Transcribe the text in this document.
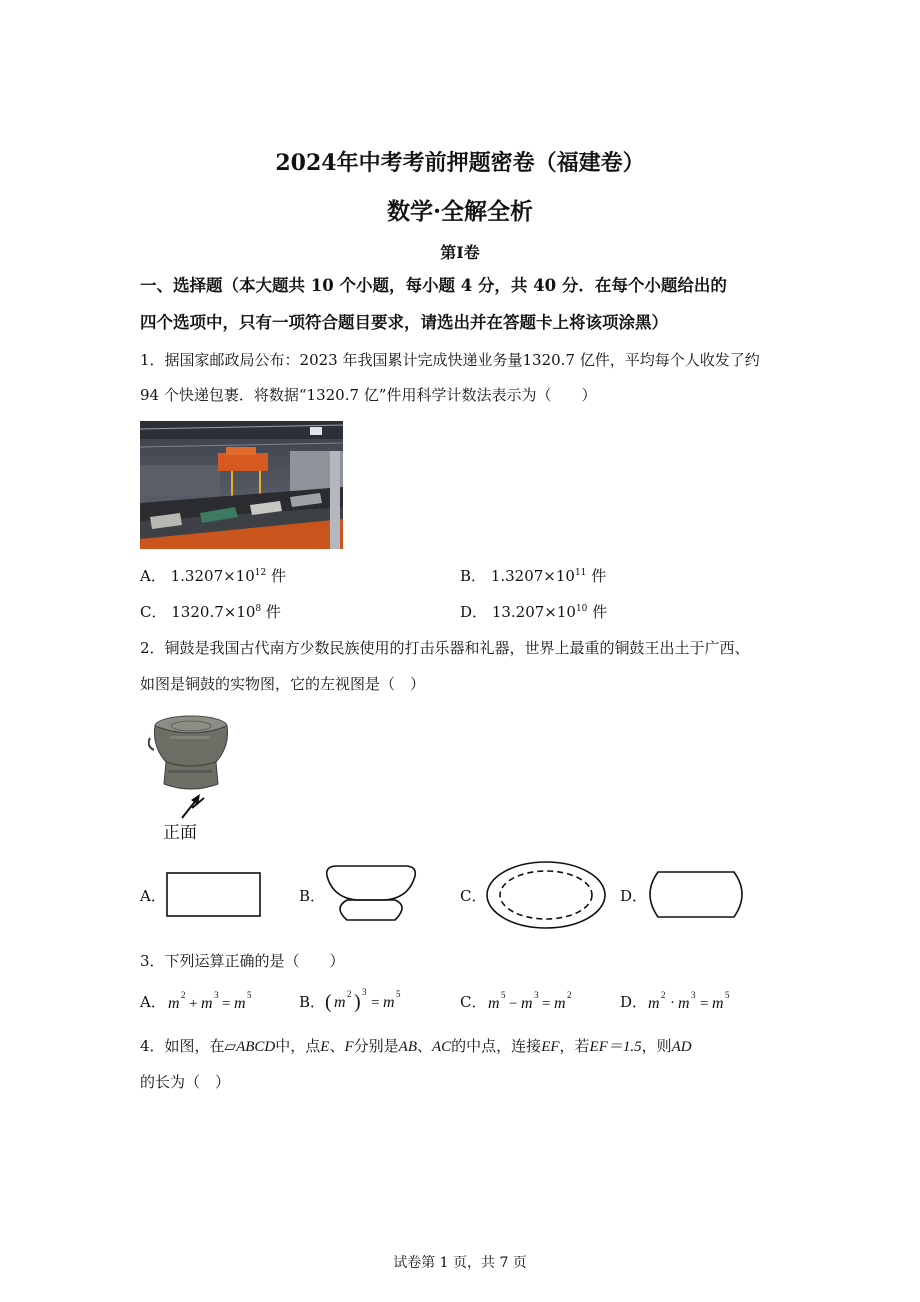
2024年中考考前押题密卷（福建卷）
数学·全解全析
第I卷
一、选择题（本大题共 10 个小题，每小题 4 分，共 40 分．在每个小题给出的
四个选项中，只有一项符合题目要求，请选出并在答题卡上将该项涂黑）
1．据国家邮政局公布：2023 年我国累计完成快递业务量1320.7 亿件，平均每个人收发了约
94 个快递包裹．将数据“1320.7 亿”件用科学计数法表示为（　　）
A． $1.3207\times 10^{12}$ 件	B． $1.3207\times 10^{11}$ 件
C． $1320.7\times 10^8$ 件	D． $13.207\times 10^{10}$ 件
2．铜鼓是我国古代南方少数民族使用的打击乐器和礼器，世界上最重的铜鼓王出土于广西、
如图是铜鼓的实物图，它的左视图是（　）
正面
A．	B．	C．	D．
3．下列运算正确的是（　　）
A． m 2
+ m 3
= m 5	B． ( m 2 ) 3
= m 5	C． m 5
− m 3
= m 2	D． m 2 · m 3
= m 5
4．如图，在▱ABCD中，点E、F分别是AB、AC的中点，连接EF，若EF＝1.5，则AD
的长为（　）
试卷第 1 页，共 7 页
